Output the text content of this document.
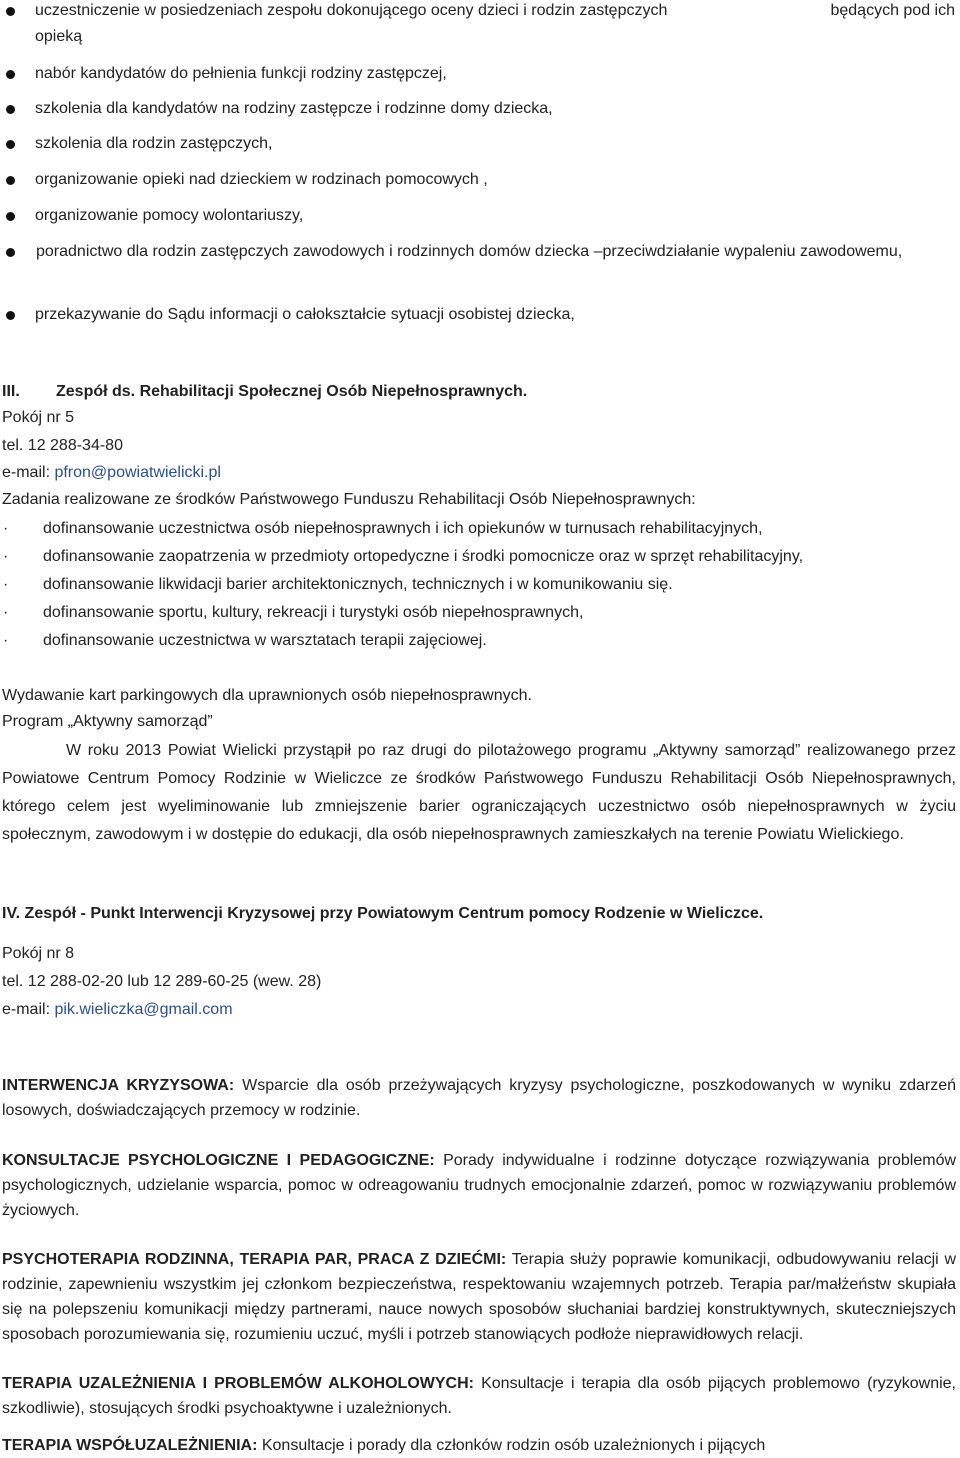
uczestniczenie w posiedzeniach zespołu dokonującego oceny dzieci i rodzin zastępczych	będących pod ich
opieką
nabór kandydatów do pełnienia funkcji rodziny zastępczej,
szkolenia dla kandydatów na rodziny zastępcze i rodzinne domy dziecka,
szkolenia dla rodzin zastępczych,
organizowanie opieki nad dzieckiem w rodzinach pomocowych ,
organizowanie pomocy wolontariuszy,
poradnictwo dla rodzin zastępczych zawodowych i rodzinnych domów dziecka –przeciwdziałanie wypaleniu zawodowemu,
przekazywanie do Sądu informacji o całokształcie sytuacji osobistej dziecka,
III. Zespół ds. Rehabilitacji Społecznej Osób Niepełnosprawnych.
Pokój nr 5
tel. 12 288-34-80
e-mail: pfron@powiatwielicki.pl
Zadania realizowane ze środków Państwowego Funduszu Rehabilitacji Osób Niepełnosprawnych:
· dofinansowanie uczestnictwa osób niepełnosprawnych i ich opiekunów w turnusach rehabilitacyjnych,
· dofinansowanie zaopatrzenia w przedmioty ortopedyczne i środki pomocnicze oraz w sprzęt rehabilitacyjny,
· dofinansowanie likwidacji barier architektonicznych, technicznych i w komunikowaniu się.
· dofinansowanie sportu, kultury, rekreacji i turystyki osób niepełnosprawnych,
· dofinansowanie uczestnictwa w warsztatach terapii zajęciowej.
Wydawanie kart parkingowych dla uprawnionych osób niepełnosprawnych.
Program „Aktywny samorząd”
W roku 2013 Powiat Wielicki przystąpił po raz drugi do pilotażowego programu „Aktywny samorząd” realizowanego przez Powiatowe Centrum Pomocy Rodzinie w Wieliczce ze środków Państwowego Funduszu Rehabilitacji Osób Niepełnosprawnych, którego celem jest wyeliminowanie lub zmniejszenie barier ograniczających uczestnictwo osób niepełnosprawnych w życiu społecznym, zawodowym i w dostępie do edukacji, dla osób niepełnosprawnych zamieszkałych na terenie Powiatu Wielickiego.
IV. Zespół - Punkt Interwencji Kryzysowej przy Powiatowym Centrum pomocy Rodzenie w Wieliczce.
Pokój nr 8
tel. 12 288-02-20 lub 12 289-60-25 (wew. 28)
e-mail: pik.wieliczka@gmail.com
INTERWENCJA KRYZYSOWA: Wsparcie dla osób przeżywających kryzysy psychologiczne, poszkodowanych w wyniku zdarzeń losowych, doświadczających przemocy w rodzinie.
KONSULTACJE PSYCHOLOGICZNE I PEDAGOGICZNE: Porady indywidualne i rodzinne dotyczące rozwiązywania problemów psychologicznych, udzielanie wsparcia, pomoc w odreagowaniu trudnych emocjonalnie zdarzeń, pomoc w rozwiązywaniu problemów życiowych.
PSYCHOTERAPIA RODZINNA, TERAPIA PAR, PRACA Z DZIEĆMI: Terapia służy poprawie komunikacji, odbudowywaniu relacji w rodzinie, zapewnieniu wszystkim jej członkom bezpieczeństwa, respektowaniu wzajemnych potrzeb. Terapia par/małżeństw skupiała się na polepszeniu komunikacji między partnerami, nauce nowych sposobów słuchaniai bardziej konstruktywnych, skuteczniejszych sposobach porozumiewania się, rozumieniu uczuć, myśli i potrzeb stanowiących podłoże nieprawidłowych relacji.
TERAPIA UZALEŻNIENIA I PROBLEMÓW ALKOHOLOWYCH: Konsultacje i terapia dla osób pijących problemowo (ryzykownie, szkodliwie), stosujących środki psychoaktywne i uzależnionych.
TERAPIA WSPÓŁUZALEŻNIENIA: Konsultacje i porady dla członków rodzin osób uzależnionych i pijących
